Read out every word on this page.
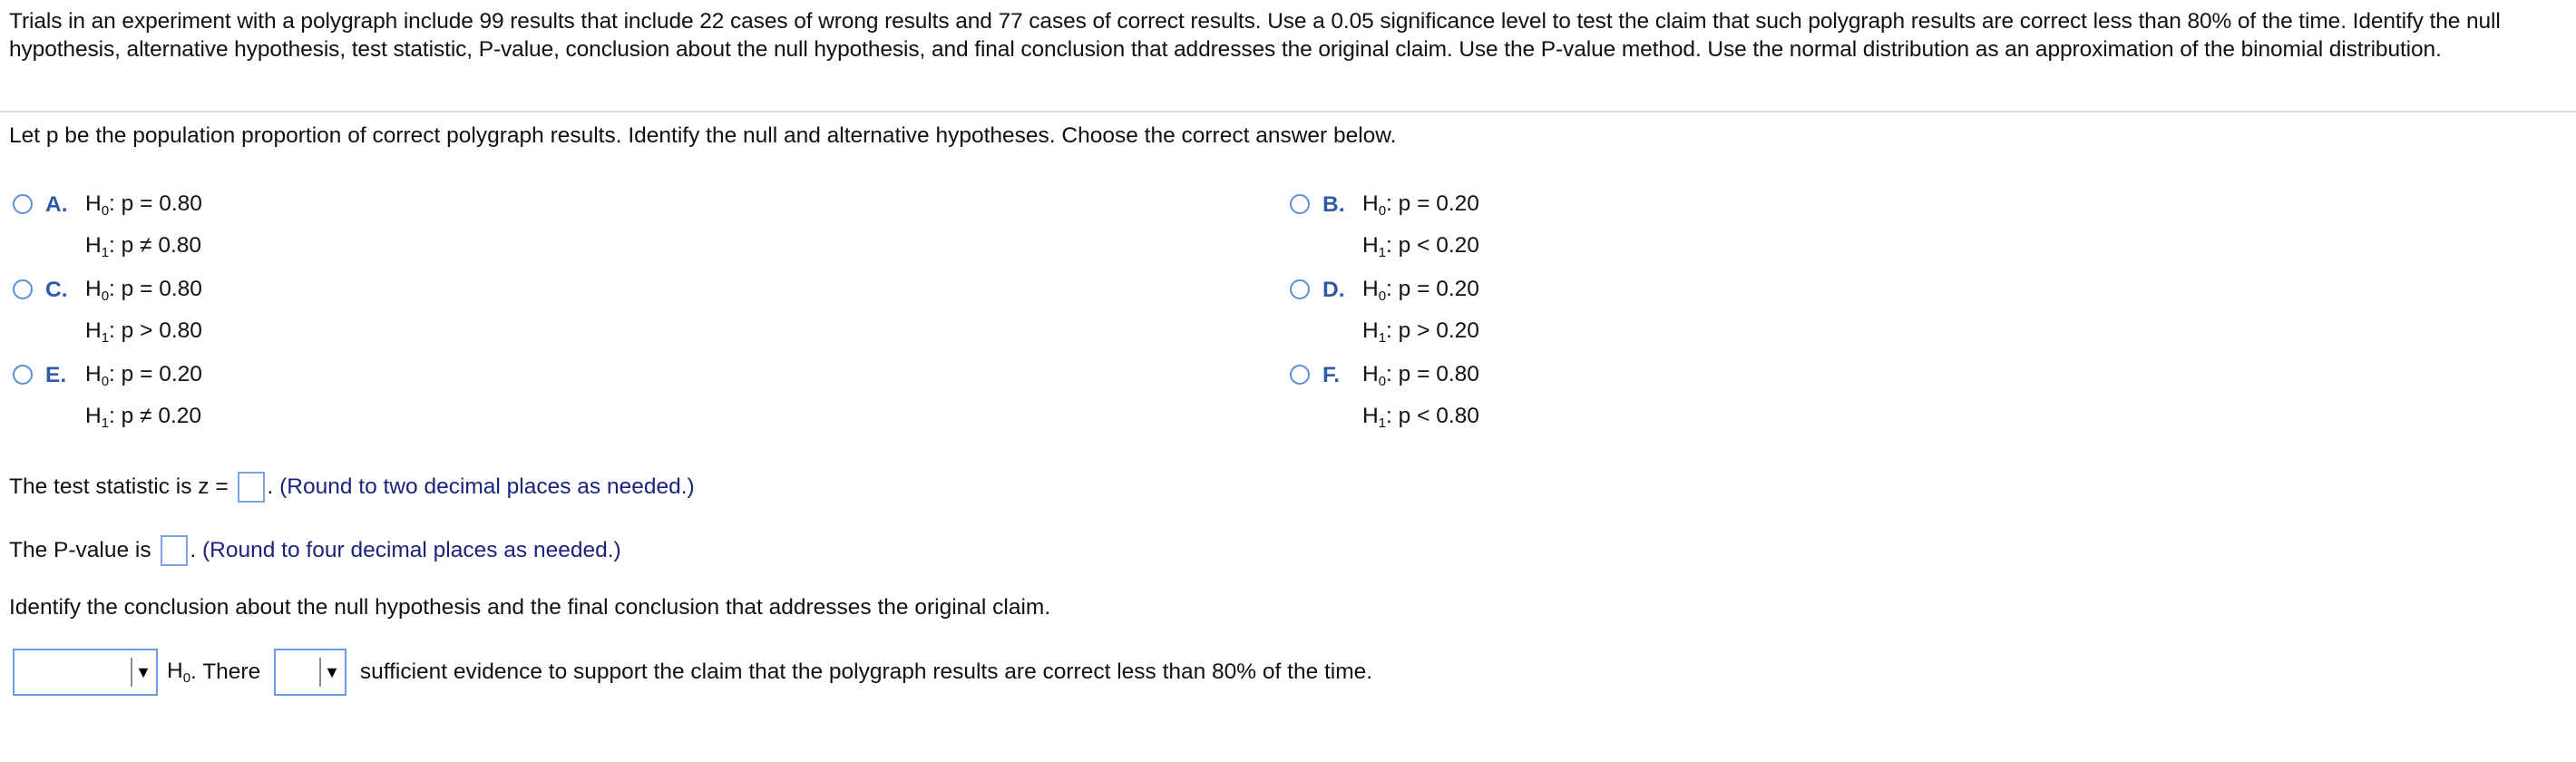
Trials in an experiment with a polygraph include 99 results that include 22 cases of wrong results and 77 cases of correct results. Use a 0.05 significance level to test the claim that such polygraph results are correct less than 80% of the time. Identify the null hypothesis, alternative hypothesis, test statistic, P-value, conclusion about the null hypothesis, and final conclusion that addresses the original claim. Use the P-value method. Use the normal distribution as an approximation of the binomial distribution.
Let p be the population proportion of correct polygraph results. Identify the null and alternative hypotheses. Choose the correct answer below.
A. $H_0$: p = 0.80
$H_1$: p ≠ 0.80
B. $H_0$: p = 0.20
$H_1$: p < 0.20
C. $H_0$: p = 0.80
$H_1$: p > 0.80
D. $H_0$: p = 0.20
$H_1$: p > 0.20
E. $H_0$: p = 0.20
$H_1$: p ≠ 0.20
F.	$H_0$: p = 0.80
$H_1$: p < 0.80
The test statistic is z = . (Round to two decimal places as needed.)
The P-value is . (Round to four decimal places as needed.)
Identify the conclusion about the null hypothesis and the final conclusion that addresses the original claim.
▼ $H_0$ . There	▼ sufficient evidence to support the claim that the polygraph results are correct less than 80% of the time.
